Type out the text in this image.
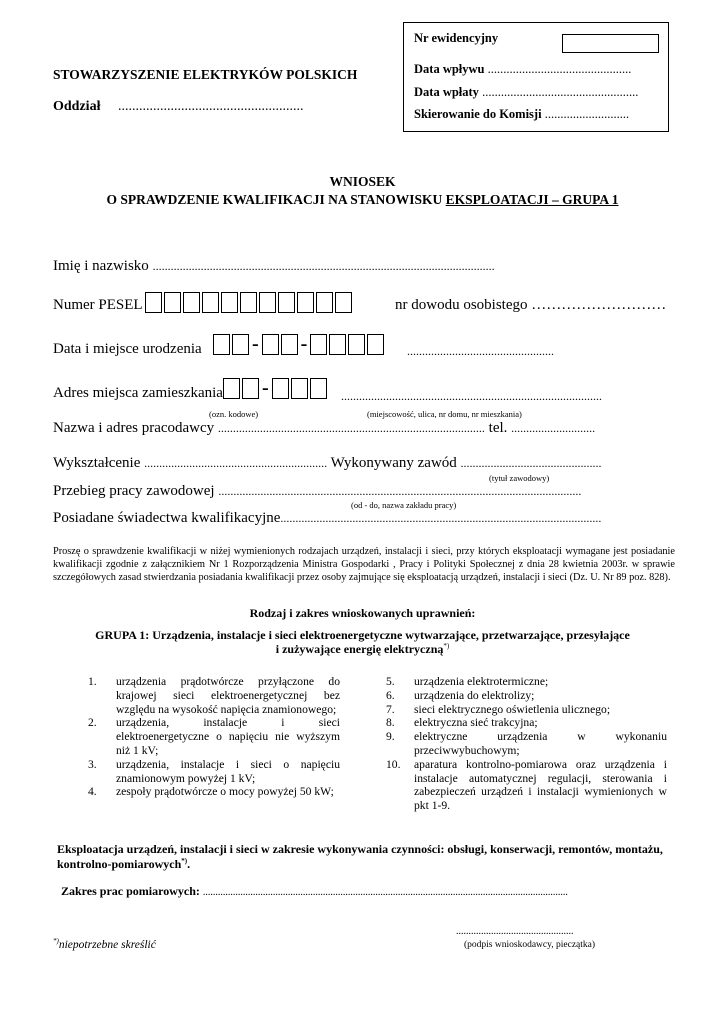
STOWARZYSZENIE ELEKTRYKÓW POLSKICH
Oddział .....................................................
Nr ewidencyjny
Data wpływu ..............................................
Data wpłaty ..................................................
Skierowanie do Komisji ...........................
WNIOSEK
O SPRAWDZENIE KWALIFIKACJI NA STANOWISKU EKSPLOATACJI – GRUPA 1
Imię i nazwisko ..................................................................................................................
Numer PESEL	nr dowodu osobistego ………………………
Data i miejsce urodzenia	- -	.................................................
Adres miejsca zamieszkania -	.......................................................................................
(ozn. kodowe)	(miejscowość, ulica, nr domu, nr mieszkania)
Nazwa i adres pracodawcy ......................................................................................... tel. ............................
Wykształcenie ............................................................. Wykonywany zawód ...............................................
(tytuł zawodowy)
Przebieg pracy zawodowej .........................................................................................................................
(od - do, nazwa zakładu pracy)
Posiadane świadectwa kwalifikacyjne...........................................................................................................
Proszę o sprawdzenie kwalifikacji w niżej wymienionych rodzajach urządzeń, instalacji i sieci, przy których eksploatacji wymagane jest posiadanie kwalifikacji zgodnie z załącznikiem Nr 1 Rozporządzenia Ministra Gospodarki , Pracy i Polityki Społecznej z dnia 28 kwietnia 2003r. w sprawie szczegółowych zasad stwierdzania posiadania kwalifikacji przez osoby zajmujące się eksploatacją urządzeń, instalacji i sieci (Dz. U. Nr 89 poz. 828).
Rodzaj i zakres wnioskowanych uprawnień:
GRUPA 1: Urządzenia, instalacje i sieci elektroenergetyczne wytwarzające, przetwarzające, przesyłające
i zużywające energię elektryczną*)
1. urządzenia prądotwórcze przyłączone do krajowej sieci elektroenergetycznej bez względu na wysokość napięcia znamionowego;
2. urządzenia, instalacje i sieci elektroenergetyczne o napięciu nie wyższym niż 1 kV;
3. urządzenia, instalacje i sieci o napięciu znamionowym powyżej 1 kV;
4. zespoły prądotwórcze o mocy powyżej 50 kW;
5. urządzenia elektrotermiczne;
6. urządzenia do elektrolizy;
7. sieci elektrycznego oświetlenia ulicznego;
8. elektryczna sieć trakcyjna;
9. elektryczne urządzenia w wykonaniu przeciwwybuchowym;
10. aparatura kontrolno-pomiarowa oraz urządzenia i instalacje automatycznej regulacji, sterowania i zabezpieczeń urządzeń i instalacji wymienionych w pkt 1-9.
Eksploatacja urządzeń, instalacji i sieci w zakresie wykonywania czynności: obsługi, konserwacji, remontów, montażu,
kontrolno-pomiarowych*).
Zakres prac pomiarowych: ..................................................................................................................................................
...............................................
(podpis wnioskodawcy, pieczątka)
*)niepotrzebne skreślić
